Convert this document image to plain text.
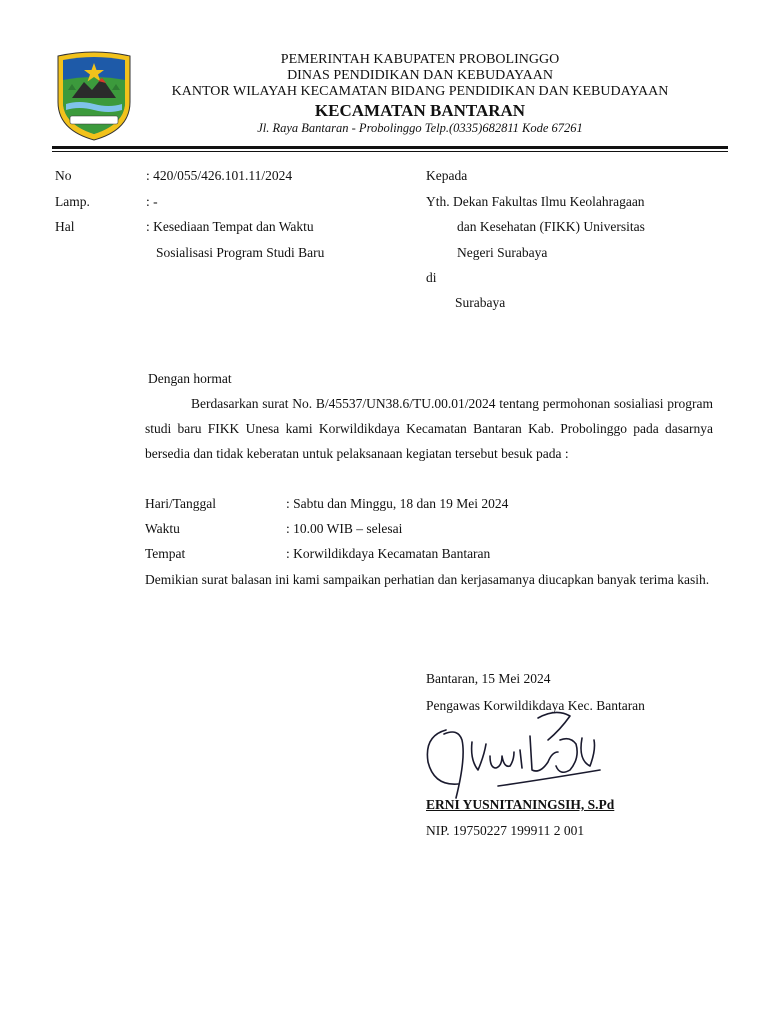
PEMERINTAH KABUPATEN PROBOLINGGO
DINAS PENDIDIKAN DAN KEBUDAYAAN
KANTOR WILAYAH KECAMATAN BIDANG PENDIDIKAN DAN KEBUDAYAAN
KECAMATAN BANTARAN
Jl. Raya Bantaran - Probolinggo Telp.(0335)682811 Kode 67261
No	: 420/055/426.101.11/2024
Lamp.	: -
Hal	: Kesediaan Tempat dan Waktu
Sosialisasi Program Studi Baru
Kepada
Yth. Dekan Fakultas Ilmu Keolahragaan
dan Kesehatan (FIKK) Universitas
Negeri Surabaya
di
Surabaya
Dengan hormat
Berdasarkan surat No. B/45537/UN38.6/TU.00.01/2024 tentang permohonan sosialiasi program studi baru FIKK Unesa kami Korwildikdaya Kecamatan Bantaran Kab. Probolinggo pada dasarnya bersedia dan tidak keberatan untuk pelaksanaan kegiatan tersebut besuk pada :
Hari/Tanggal	: Sabtu dan Minggu, 18 dan 19 Mei 2024
Waktu	: 10.00 WIB – selesai
Tempat	: Korwildikdaya Kecamatan Bantaran
Demikian surat balasan ini kami sampaikan perhatian dan kerjasamanya diucapkan banyak terima kasih.
Bantaran, 15 Mei 2024
Pengawas Korwildikdaya Kec. Bantaran
ERNI YUSNITANINGSIH, S.Pd
NIP. 19750227 199911 2 001
